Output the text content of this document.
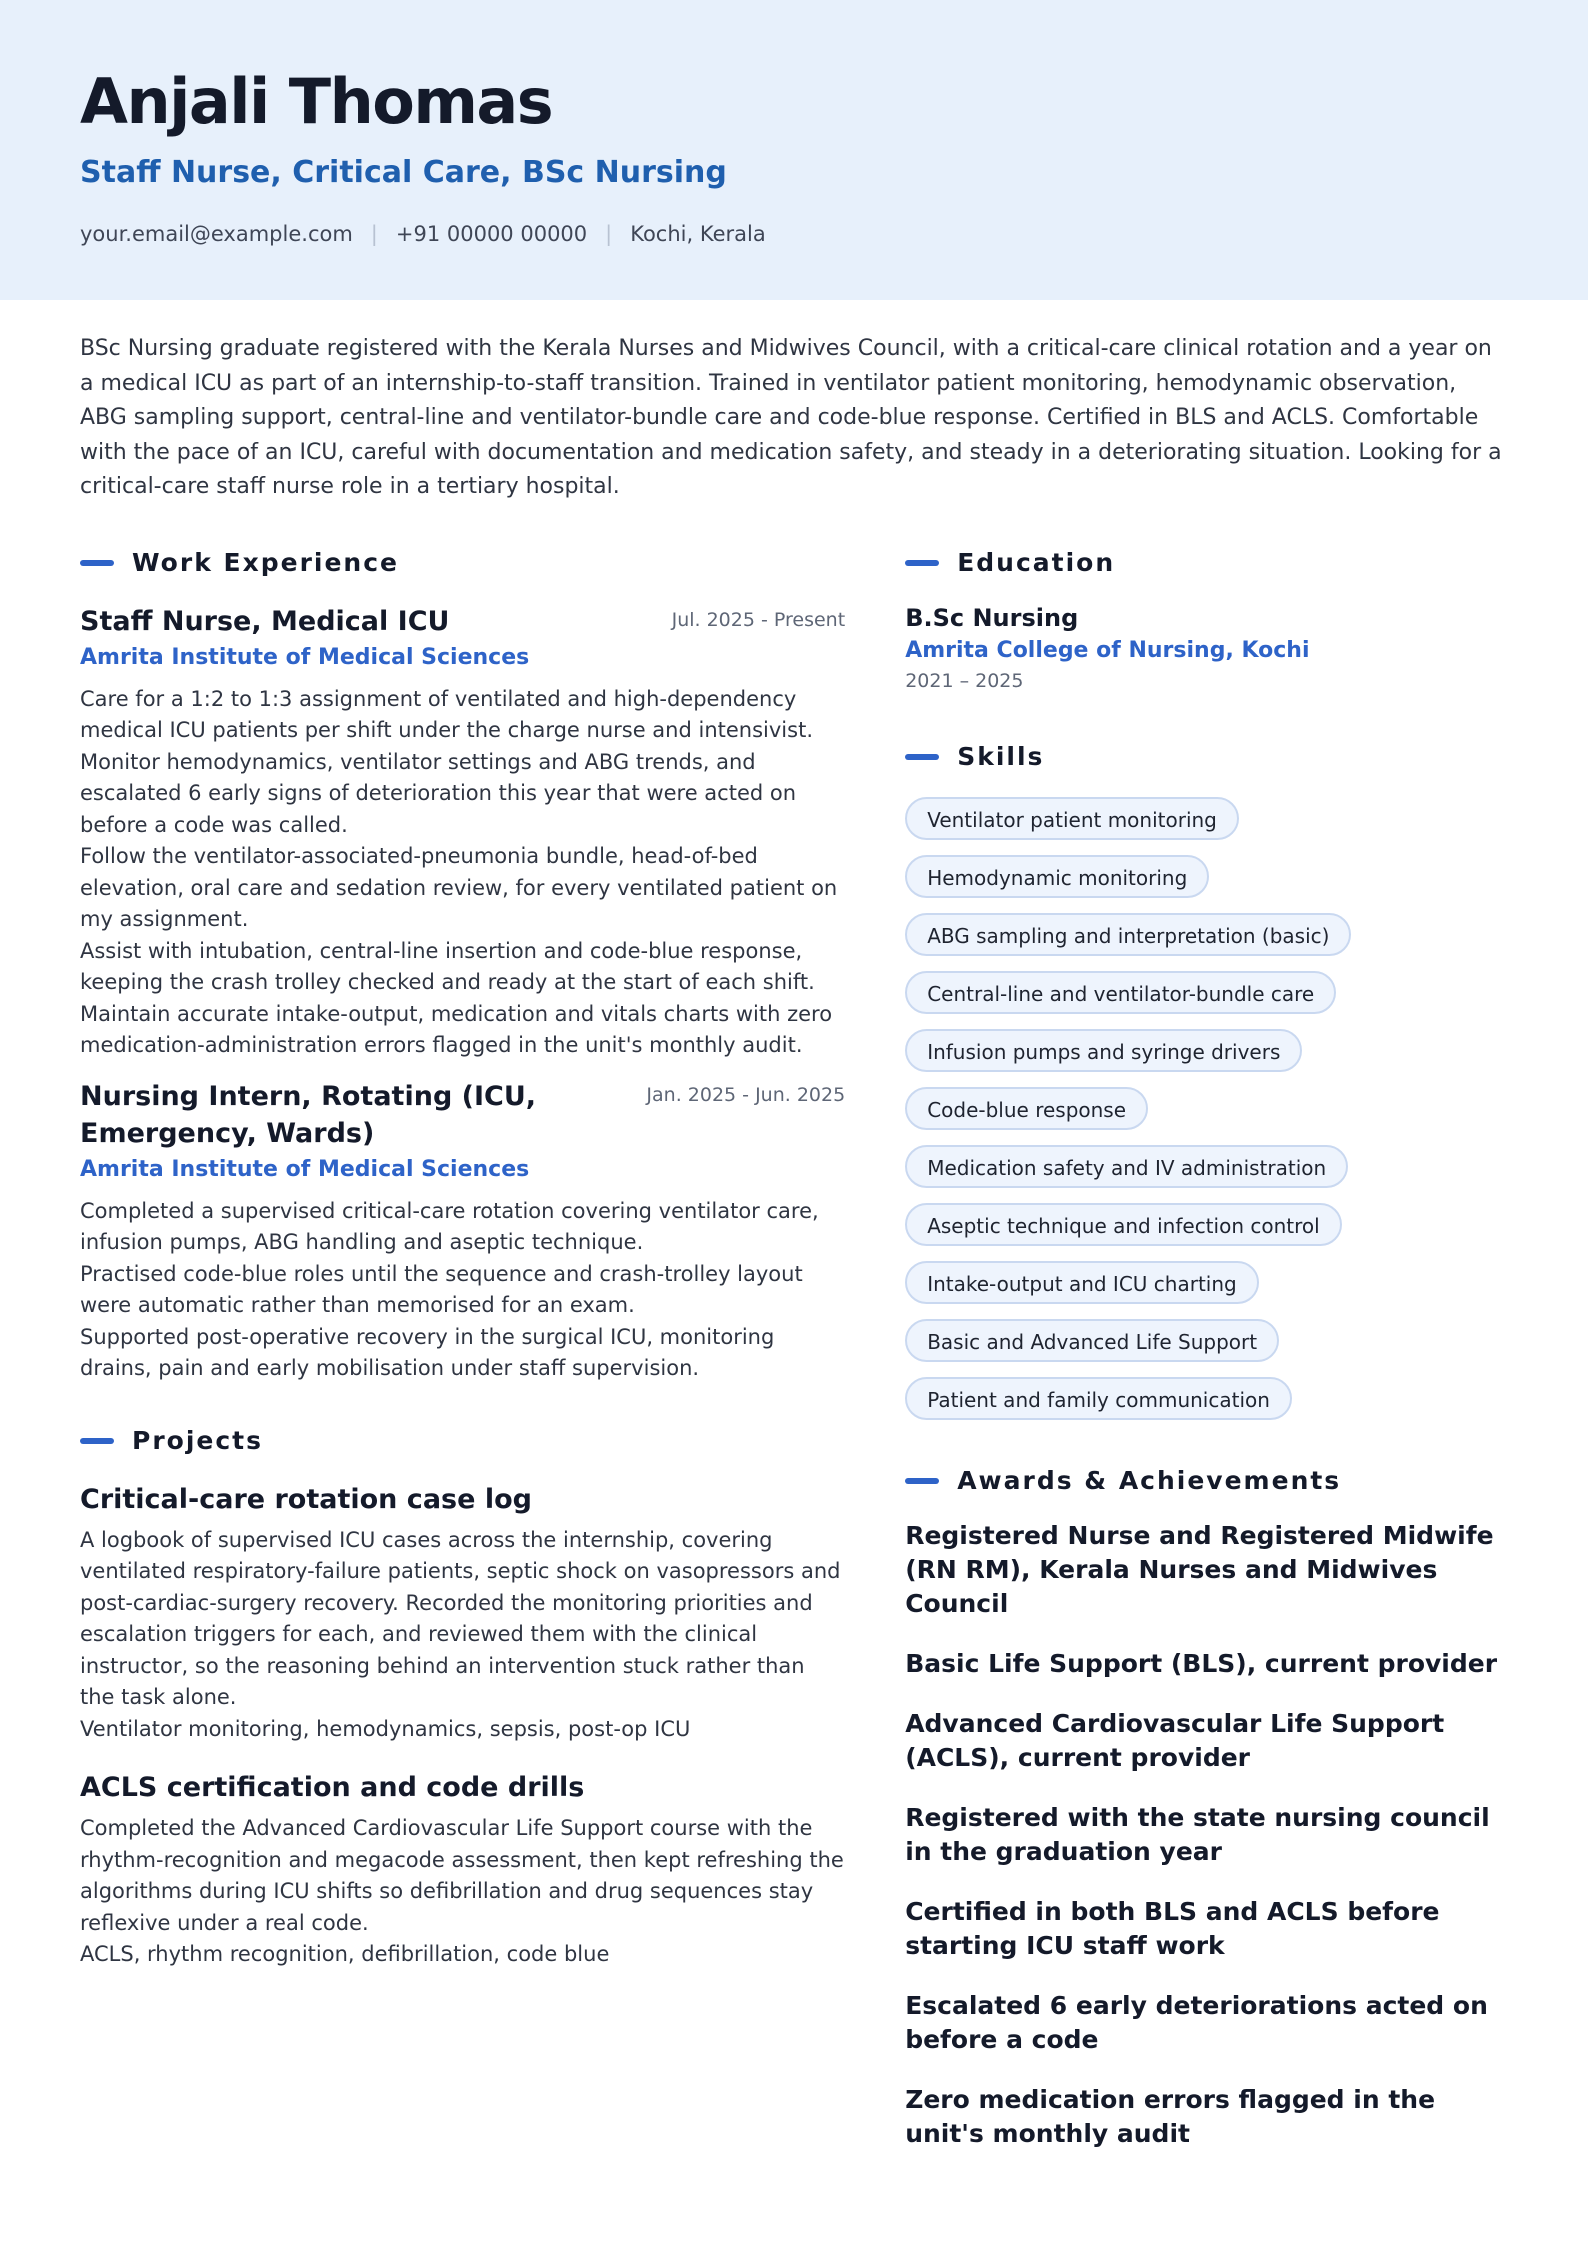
Anjali Thomas
Staff Nurse, Critical Care, BSc Nursing
your.email@example.com | +91 00000 00000 | Kochi, Kerala
BSc Nursing graduate registered with the Kerala Nurses and Midwives Council, with a critical-care clinical rotation and a year on a medical ICU as part of an internship-to-staff transition. Trained in ventilator patient monitoring, hemodynamic observation, ABG sampling support, central-line and ventilator-bundle care and code-blue response. Certified in BLS and ACLS. Comfortable with the pace of an ICU, careful with documentation and medication safety, and steady in a deteriorating situation. Looking for a critical-care staff nurse role in a tertiary hospital.
Work Experience
Staff Nurse, Medical ICU	Jul. 2025 - Present
Amrita Institute of Medical Sciences
Care for a 1:2 to 1:3 assignment of ventilated and high-dependency medical ICU patients per shift under the charge nurse and intensivist.
Monitor hemodynamics, ventilator settings and ABG trends, and escalated 6 early signs of deterioration this year that were acted on before a code was called.
Follow the ventilator-associated-pneumonia bundle, head-of-bed elevation, oral care and sedation review, for every ventilated patient on my assignment.
Assist with intubation, central-line insertion and code-blue response, keeping the crash trolley checked and ready at the start of each shift.
Maintain accurate intake-output, medication and vitals charts with zero medication-administration errors flagged in the unit's monthly audit.
Nursing Intern, Rotating (ICU, Emergency, Wards)
Jan. 2025 - Jun. 2025
Amrita Institute of Medical Sciences
Completed a supervised critical-care rotation covering ventilator care, infusion pumps, ABG handling and aseptic technique.
Practised code-blue roles until the sequence and crash-trolley layout were automatic rather than memorised for an exam.
Supported post-operative recovery in the surgical ICU, monitoring drains, pain and early mobilisation under staff supervision.
Projects
Critical-care rotation case log
A logbook of supervised ICU cases across the internship, covering ventilated respiratory-failure patients, septic shock on vasopressors and post-cardiac-surgery recovery. Recorded the monitoring priorities and escalation triggers for each, and reviewed them with the clinical instructor, so the reasoning behind an intervention stuck rather than the task alone.
Ventilator monitoring, hemodynamics, sepsis, post-op ICU
ACLS certification and code drills
Completed the Advanced Cardiovascular Life Support course with the rhythm-recognition and megacode assessment, then kept refreshing the algorithms during ICU shifts so defibrillation and drug sequences stay reflexive under a real code.
ACLS, rhythm recognition, defibrillation, code blue
Education
B.Sc Nursing
Amrita College of Nursing, Kochi
2021 – 2025
Skills
Ventilator patient monitoring
Hemodynamic monitoring
ABG sampling and interpretation (basic)
Central-line and ventilator-bundle care
Infusion pumps and syringe drivers
Code-blue response
Medication safety and IV administration
Aseptic technique and infection control
Intake-output and ICU charting
Basic and Advanced Life Support
Patient and family communication
Awards & Achievements
Registered Nurse and Registered Midwife (RN RM), Kerala Nurses and Midwives Council
Basic Life Support (BLS), current provider
Advanced Cardiovascular Life Support (ACLS), current provider
Registered with the state nursing council in the graduation year
Certified in both BLS and ACLS before starting ICU staff work
Escalated 6 early deteriorations acted on before a code
Zero medication errors flagged in the unit's monthly audit
